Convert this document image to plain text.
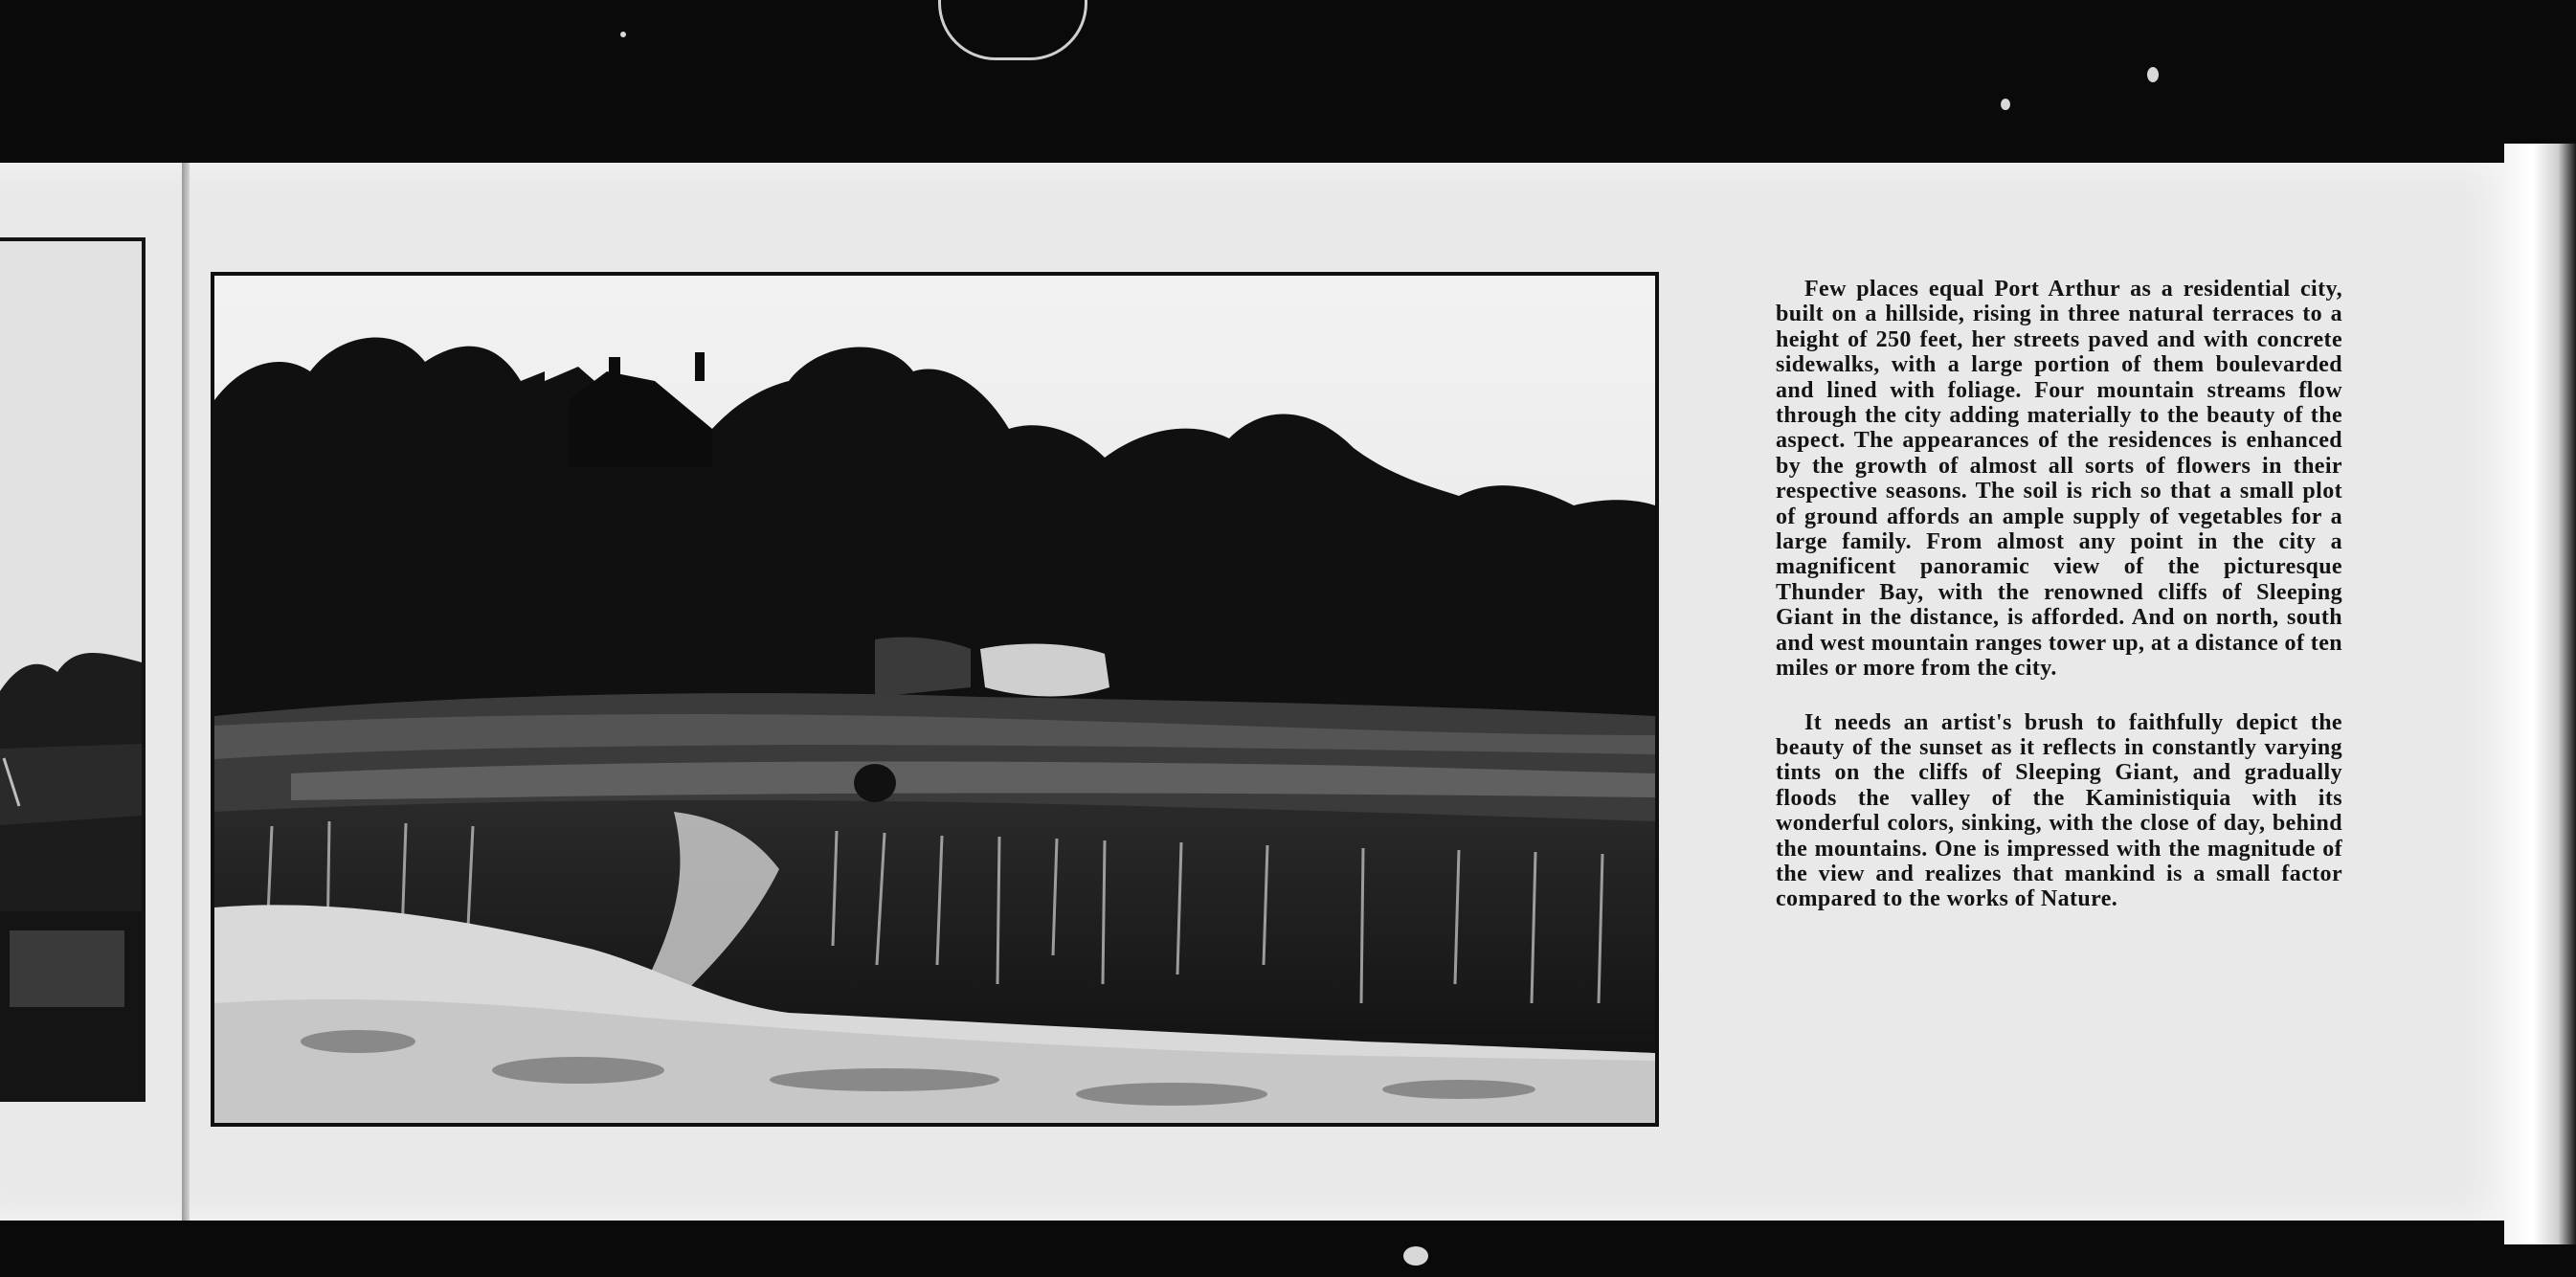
Few places equal Port Arthur as a residential city, built on a hillside, rising in three natural terraces to a height of 250 feet, her streets paved and with concrete sidewalks, with a large portion of them boulevarded and lined with foliage. Four mountain streams flow through the city adding materially to the beauty of the aspect. The appearances of the residences is enhanced by the growth of almost all sorts of flowers in their respective seasons. The soil is rich so that a small plot of ground affords an ample supply of vegetables for a large family. From almost any point in the city a magnificent panoramic view of the picturesque Thunder Bay, with the renowned cliffs of Sleeping Giant in the distance, is afforded. And on north, south and west mountain ranges tower up, at a distance of ten miles or more from the city.

It needs an artist's brush to faithfully depict the beauty of the sunset as it reflects in constantly varying tints on the cliffs of Sleeping Giant, and gradually floods the valley of the Kaministiquia with its wonderful colors, sinking, with the close of day, behind the mountains. One is impressed with the magnitude of the view and realizes that mankind is a small factor compared to the works of Nature.
